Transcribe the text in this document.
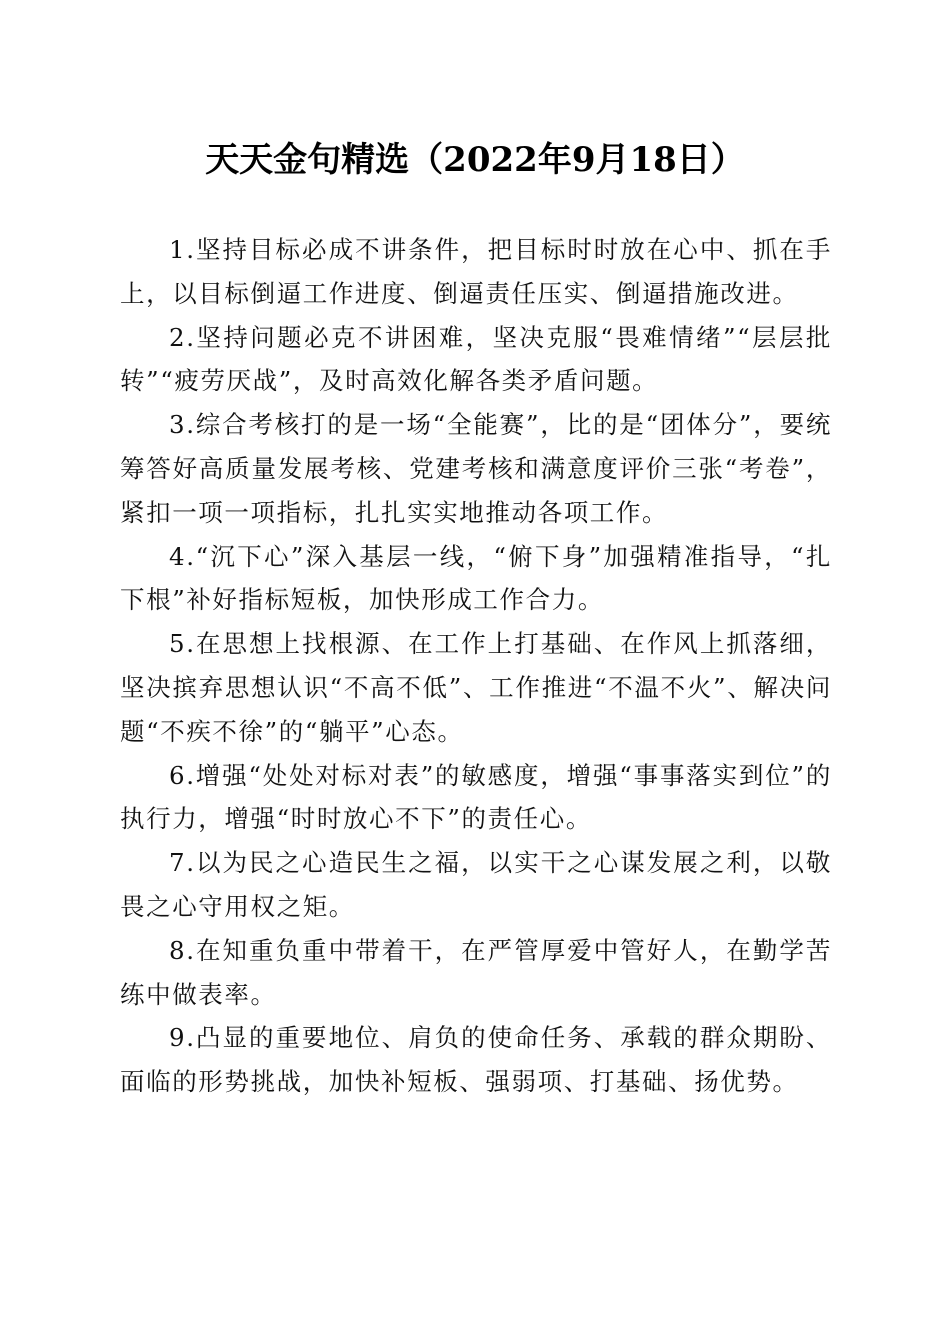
天天金句精选（2022年9月18日）

1.坚持目标必成不讲条件，把目标时时放在心中、抓在手上，以目标倒逼工作进度、倒逼责任压实、倒逼措施改进。

2.坚持问题必克不讲困难，坚决克服“畏难情绪”“层层批转”“疲劳厌战”，及时高效化解各类矛盾问题。

3.综合考核打的是一场“全能赛”，比的是“团体分”，要统筹答好高质量发展考核、党建考核和满意度评价三张“考卷”，紧扣一项一项指标，扎扎实实地推动各项工作。

4.“沉下心”深入基层一线，“俯下身”加强精准指导，“扎下根”补好指标短板，加快形成工作合力。

5.在思想上找根源、在工作上打基础、在作风上抓落细，坚决摈弃思想认识“不高不低”、工作推进“不温不火”、解决问题“不疾不徐”的“躺平”心态。

6.增强“处处对标对表”的敏感度，增强“事事落实到位”的执行力，增强“时时放心不下”的责任心。

7.以为民之心造民生之福，以实干之心谋发展之利，以敬畏之心守用权之矩。

8.在知重负重中带着干，在严管厚爱中管好人，在勤学苦练中做表率。

9.凸显的重要地位、肩负的使命任务、承载的群众期盼、面临的形势挑战，加快补短板、强弱项、打基础、扬优势。
